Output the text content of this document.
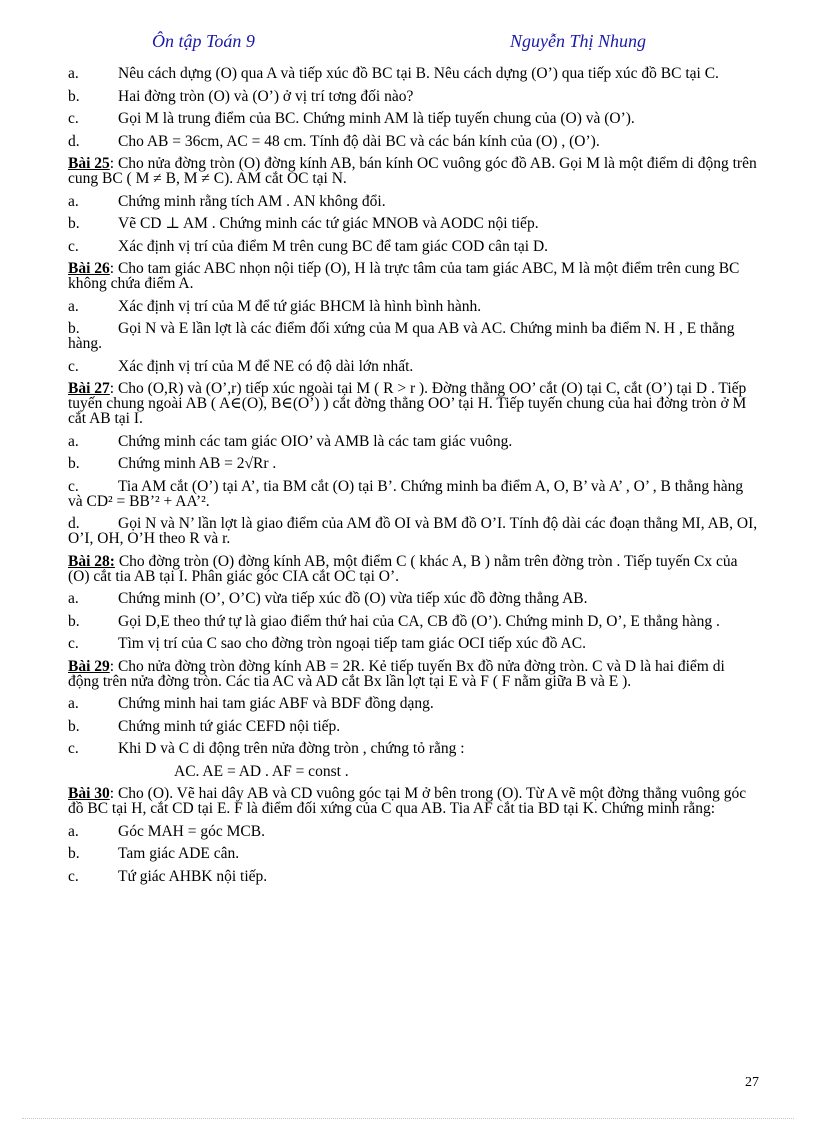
Ôn tập Toán 9	Nguyễn Thị Nhung

a.	Nêu cách dựng (O) qua A và tiếp xúc đồ BC tại B. Nêu cách dựng (O’) qua tiếp xúc đồ BC tại C.

b. Hai đờng tròn (O) và (O’) ở vị trí tơng đối nào?

c.	Gọi M là trung điểm của BC. Chứng minh AM là tiếp tuyến chung của (O) và (O’).

d. Cho AB = 36cm, AC = 48 cm. Tính độ dài BC và các bán kính của (O) , (O’).

Bài 25: Cho nửa đờng tròn (O) đờng kính AB, bán kính OC vuông góc đồ AB. Gọi M là một điểm di động trên cung BC ( M ≠ B, M ≠ C). AM cắt OC tại N.

a.	Chứng minh rằng tích AM . AN không đổi.

b. Vẽ CD ⊥ AM . Chứng minh các tứ giác MNOB và AODC nội tiếp.

c.	Xác định vị trí của điểm M trên cung BC để tam giác COD cân tại D.

Bài 26: Cho tam giác ABC nhọn nội tiếp (O), H là trực tâm của tam giác ABC, M là một điểm trên cung BC không chứa điểm A.

a.	Xác định vị trí của M để tứ giác BHCM là hình bình hành.

b. Gọi N và E lần lợt là các điểm đối xứng của M qua AB và AC. Chứng minh ba điểm N. H , E thẳng hàng.

c.	Xác định vị trí của M để NE có độ dài lớn nhất.

Bài 27: Cho (O,R) và (O’,r) tiếp xúc ngoài tại M ( R > r ). Đờng thẳng OO’ cắt (O) tại C, cắt (O’) tại D . Tiếp tuyến chung ngoài AB ( A∈(O), B∈(O’) ) cắt đờng thẳng OO’ tại H. Tiếp tuyến chung của hai đờng tròn ở M cắt AB tại I.

a.	Chứng minh các tam giác OIO’ và AMB là các tam giác vuông.

b. Chứng minh AB = 2√Rr .

c.	Tia AM cắt (O’) tại A’, tia BM cắt (O) tại B’. Chứng minh ba điểm A, O, B’ và A’ , O’ , B thẳng hàng và CD² = BB’² + AA’².

d. Gọi N và N’ lần lợt là giao điểm của AM đồ OI và BM đồ O’I. Tính độ dài các đoạn thẳng MI, AB, OI, O’I, OH, O’H theo R và r.

Bài 28: Cho đờng tròn (O) đờng kính AB, một điểm C ( khác A, B ) nằm trên đờng tròn . Tiếp tuyến Cx của (O) cắt tia AB tại I. Phân giác góc CIA cắt OC tại O’.

a.	Chứng minh (O’, O’C) vừa tiếp xúc đồ (O) vừa tiếp xúc đồ đờng thẳng AB.

b. Gọi D,E theo thứ tự là giao điểm thứ hai của CA, CB đồ (O’). Chứng minh D, O’, E thẳng hàng .

c.	Tìm vị trí của C sao cho đờng tròn ngoại tiếp tam giác OCI tiếp xúc đồ AC.

Bài 29: Cho nửa đờng tròn đờng kính AB = 2R. Kẻ tiếp tuyến Bx đồ nửa đờng tròn. C và D là hai điểm di động trên nửa đờng tròn. Các tia AC và AD cắt Bx lần lợt tại E và F ( F nằm giữa B và E ).

a.	Chứng minh hai tam giác ABF và BDF đồng dạng.

b. Chứng minh tứ giác CEFD nội tiếp.

c.	Khi D và C di động trên nửa đờng tròn , chứng tỏ rằng :

AC. AE = AD . AF = const .

Bài 30: Cho (O). Vẽ hai dây AB và CD vuông góc tại M ở bên trong (O). Từ A vẽ một đờng thẳng vuông góc đồ BC tại H, cắt CD tại E. F là điểm đối xứng của C qua AB. Tia AF cắt tia BD tại K. Chứng minh rằng:

a.	Góc MAH = góc MCB.

b. Tam giác ADE cân.

c.	Tứ giác AHBK nội tiếp.

27
